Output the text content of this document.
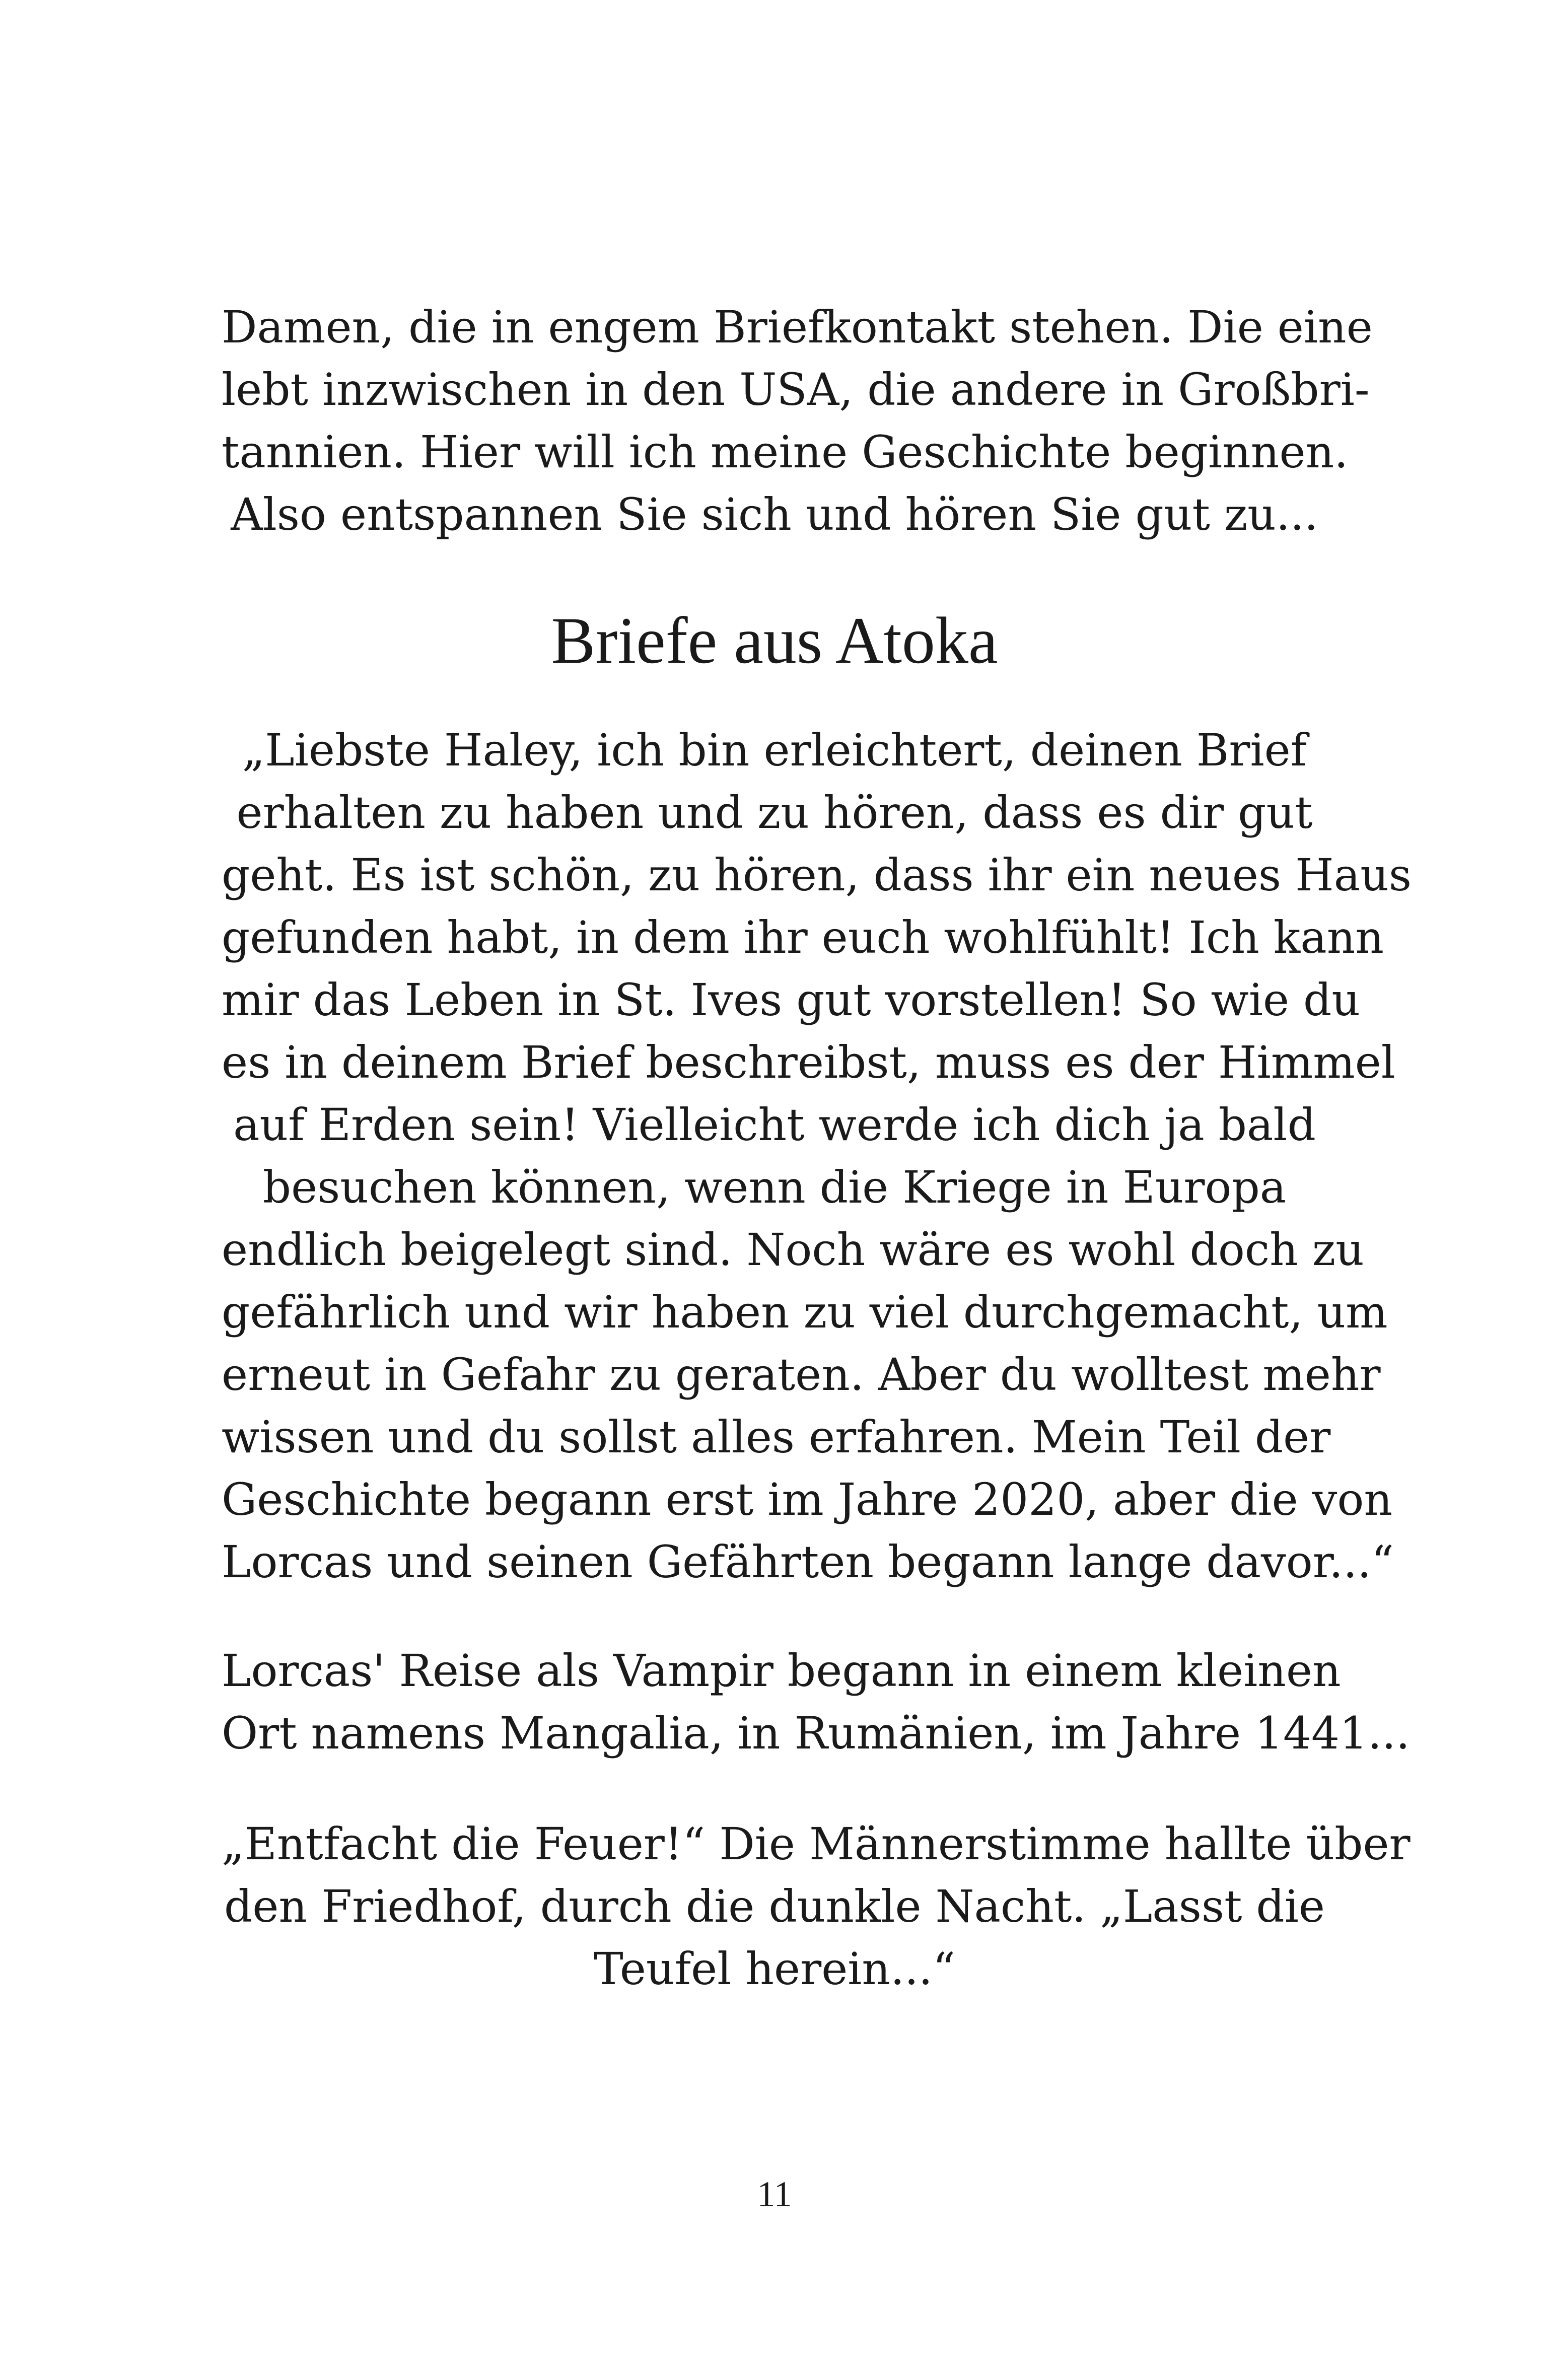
Damen, die in engem Briefkontakt stehen. Die eine
lebt inzwischen in den USA, die andere in Großbri-
tannien. Hier will ich meine Geschichte beginnen.
Also entspannen Sie sich und hören Sie gut zu...

Briefe aus Atoka

„Liebste Haley, ich bin erleichtert, deinen Brief
erhalten zu haben und zu hören, dass es dir gut
geht. Es ist schön, zu hören, dass ihr ein neues Haus
gefunden habt, in dem ihr euch wohlfühlt! Ich kann
mir das Leben in St. Ives gut vorstellen! So wie du
es in deinem Brief beschreibst, muss es der Himmel
auf Erden sein! Vielleicht werde ich dich ja bald
besuchen können, wenn die Kriege in Europa
endlich beigelegt sind. Noch wäre es wohl doch zu
gefährlich und wir haben zu viel durchgemacht, um
erneut in Gefahr zu geraten. Aber du wolltest mehr
wissen und du sollst alles erfahren. Mein Teil der
Geschichte begann erst im Jahre 2020, aber die von
Lorcas und seinen Gefährten begann lange davor...“

Lorcas' Reise als Vampir begann in einem kleinen
Ort namens Mangalia, in Rumänien, im Jahre 1441...

„Entfacht die Feuer!“ Die Männerstimme hallte über
den Friedhof, durch die dunkle Nacht. „Lasst die
Teufel herein...“

11
